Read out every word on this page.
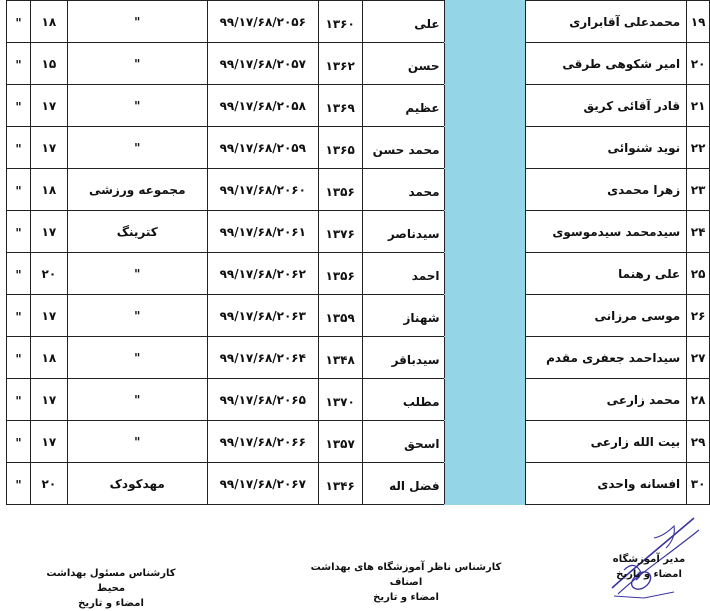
۱۹	محمدعلی آقابراری		علی	۱۳۶۰	۹۹/۱۷/۶۸/۲۰۵۶	"	۱۸	"
۲۰	امیر شکوهی طرقی		حسن	۱۳۶۲	۹۹/۱۷/۶۸/۲۰۵۷	"	۱۵	"
۲۱	قادر آقائی کریق		عظیم	۱۳۶۹	۹۹/۱۷/۶۸/۲۰۵۸	"	۱۷	"
۲۲	نوید شنوائی		محمد حسن	۱۳۶۵	۹۹/۱۷/۶۸/۲۰۵۹	"	۱۷	"
۲۳	زهرا محمدی		محمد	۱۳۵۶	۹۹/۱۷/۶۸/۲۰۶۰	مجموعه ورزشی	۱۸	"
۲۴	سیدمحمد سیدموسوی		سیدناصر	۱۳۷۶	۹۹/۱۷/۶۸/۲۰۶۱	کترینگ	۱۷	"
۲۵	علی رهنما		احمد	۱۳۵۶	۹۹/۱۷/۶۸/۲۰۶۲	"	۲۰	"
۲۶	موسی مرزانی		شهناز	۱۳۵۹	۹۹/۱۷/۶۸/۲۰۶۳	"	۱۷	"
۲۷	سیداحمد جعفری مقدم		سیدباقر	۱۳۴۸	۹۹/۱۷/۶۸/۲۰۶۴	"	۱۸	"
۲۸	محمد زارعی		مطلب	۱۳۷۰	۹۹/۱۷/۶۸/۲۰۶۵	"	۱۷	"
۲۹	بیت الله زارعی		اسحق	۱۳۵۷	۹۹/۱۷/۶۸/۲۰۶۶	"	۱۷	"
۳۰	افسانه واحدی		فضل اله	۱۳۴۶	۹۹/۱۷/۶۸/۲۰۶۷	مهدکودک	۲۰	"
کارشناس مسئول بهداشت محیط
امضاء و تاریخ
کارشناس ناظر آموزشگاه های بهداشت اصناف
امضاء و تاریخ
مدیر آموزشگاه
امضاء و تاریخ
